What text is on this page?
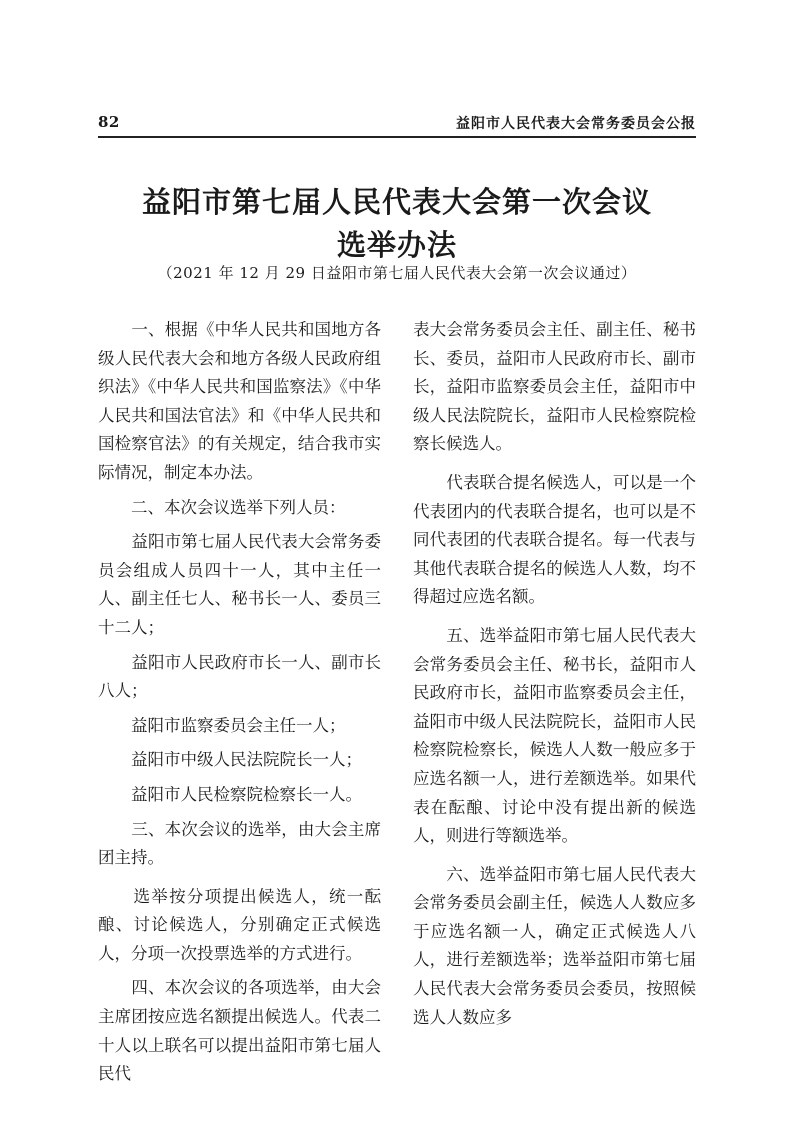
82	益阳市人民代表大会常务委员会公报
益阳市第七届人民代表大会第一次会议
选举办法
（2021 年 12 月 29 日益阳市第七届人民代表大会第一次会议通过）

　　一、根据《中华人民共和国地方各级人民代表大会和地方各级人民政府组织法》《中华人民共和国监察法》《中华人民共和国法官法》和《中华人民共和国检察官法》的有关规定，结合我市实际情况，制定本办法。

　　二、本次会议选举下列人员：

　　益阳市第七届人民代表大会常务委员会组成人员四十一人，其中主任一人、副主任七人、秘书长一人、委员三十二人；

　　益阳市人民政府市长一人、副市长八人；

　　益阳市监察委员会主任一人；

　　益阳市中级人民法院院长一人；

　　益阳市人民检察院检察长一人。

　　三、本次会议的选举，由大会主席团主持。

　　选举按分项提出候选人，统一酝酿、讨论候选人，分别确定正式候选人，分项一次投票选举的方式进行。

　　四、本次会议的各项选举，由大会主席团按应选名额提出候选人。代表二十人以上联名可以提出益阳市第七届人民代

表大会常务委员会主任、副主任、秘书长、委员，益阳市人民政府市长、副市长，益阳市监察委员会主任，益阳市中级人民法院院长，益阳市人民检察院检察长候选人。

　　代表联合提名候选人，可以是一个代表团内的代表联合提名，也可以是不同代表团的代表联合提名。每一代表与其他代表联合提名的候选人人数，均不得超过应选名额。

　　五、选举益阳市第七届人民代表大会常务委员会主任、秘书长，益阳市人民政府市长，益阳市监察委员会主任，益阳市中级人民法院院长，益阳市人民检察院检察长，候选人人数一般应多于应选名额一人，进行差额选举。如果代表在酝酿、讨论中没有提出新的候选人，则进行等额选举。

　　六、选举益阳市第七届人民代表大会常务委员会副主任，候选人人数应多于应选名额一人，确定正式候选人八人，进行差额选举；选举益阳市第七届人民代表大会常务委员会委员，按照候选人人数应多
